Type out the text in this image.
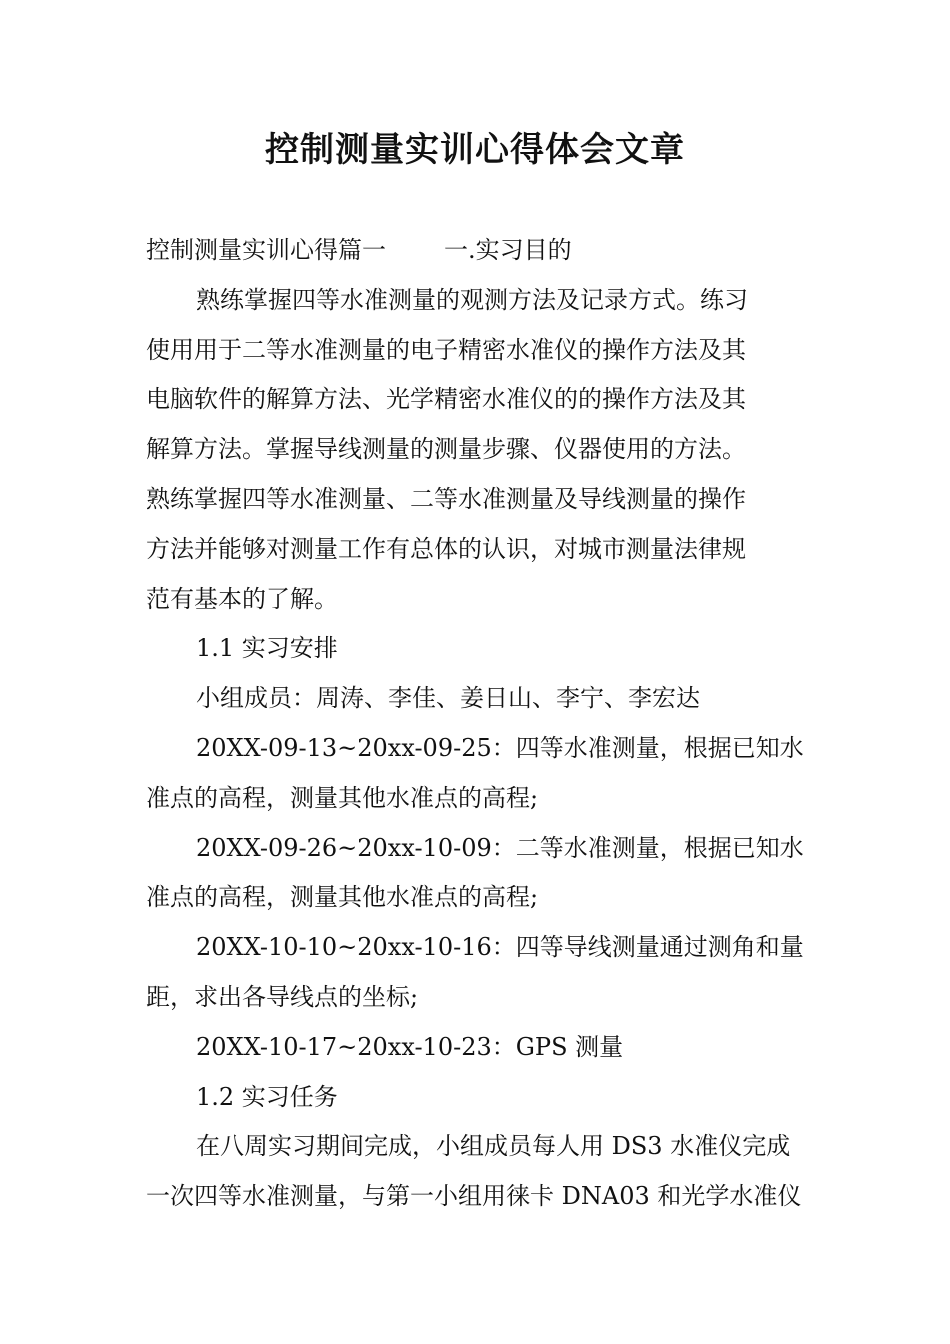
控制测量实训心得体会文章
控制测量实训心得篇一 一.实习目的
熟练掌握四等水准测量的观测方法及记录方式。练习
使用用于二等水准测量的电子精密水准仪的操作方法及其
电脑软件的解算方法、光学精密水准仪的的操作方法及其
解算方法。掌握导线测量的测量步骤、仪器使用的方法。
熟练掌握四等水准测量、二等水准测量及导线测量的操作
方法并能够对测量工作有总体的认识，对城市测量法律规
范有基本的了解。
1.1 实习安排
小组成员：周涛、李佳、姜日山、李宁、李宏达
20XX-09-13~20xx-09-25：四等水准测量，根据已知水
准点的高程，测量其他水准点的高程;
20XX-09-26~20xx-10-09：二等水准测量，根据已知水
准点的高程，测量其他水准点的高程;
20XX-10-10~20xx-10-16：四等导线测量通过测角和量
距，求出各导线点的坐标;
20XX-10-17~20xx-10-23：GPS 测量
1.2 实习任务
在八周实习期间完成，小组成员每人用 DS3 水准仪完成
一次四等水准测量，与第一小组用徕卡 DNA03 和光学水准仪
